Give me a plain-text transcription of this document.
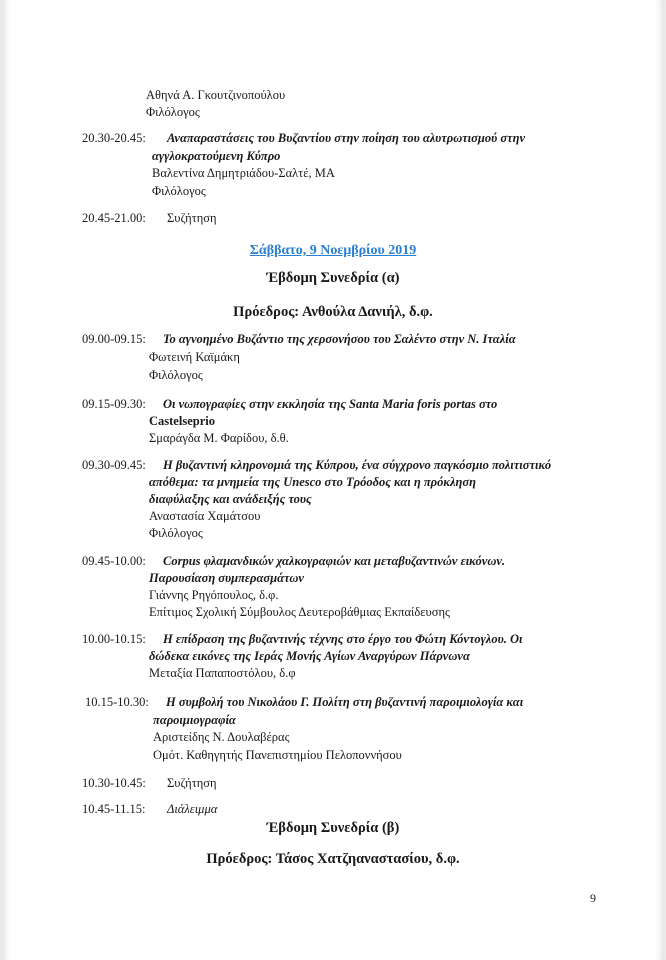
Αθηνά Α. Γκουτζινοπούλου
Φιλόλογος
20.30-20.45: Αναπαραστάσεις του Βυζαντίου στην ποίηση του αλυτρωτισμού στην
αγγλοκρατούμενη Κύπρο
Βαλεντίνα Δημητριάδου-Σαλτέ, ΜΑ
Φιλόλογος
20.45-21.00: Συζήτηση
Σάββατο, 9 Νοεμβρίου 2019
Έβδομη Συνεδρία (α)
Πρόεδρος: Ανθούλα Δανιήλ, δ.φ.
09.00-09.15: Το αγνοημένο Βυζάντιο της χερσονήσου του Σαλέντο στην Ν. Ιταλία
Φωτεινή Καϊμάκη
Φιλόλογος
09.15-09.30: Οι νωπογραφίες στην εκκλησία της Santa Maria foris portas στο
Castelseprio
Σμαράγδα Μ. Φαρίδου, δ.θ.
09.30-09.45: Η βυζαντινή κληρονομιά της Κύπρου, ένα σύγχρονο παγκόσμιο πολιτιστικό
απόθεμα: τα μνημεία της Unesco στο Τρόοδος και η πρόκληση
διαφύλαξης και ανάδειξής τους
Αναστασία Χαμάτσου
Φιλόλογος
09.45-10.00: Corpus φλαμανδικών χαλκογραφιών και μεταβυζαντινών εικόνων.
Παρουσίαση συμπερασμάτων
Γιάννης Ρηγόπουλος, δ.φ.
Επίτιμος Σχολική Σύμβουλος Δευτεροβάθμιας Εκπαίδευσης
10.00-10.15: Η επίδραση της βυζαντινής τέχνης στο έργο του Φώτη Κόντογλου. Οι
δώδεκα εικόνες της Ιεράς Μονής Αγίων Αναργύρων Πάρνωνα
Μεταξία Παπαποστόλου, δ.φ
10.15-10.30: Η συμβολή του Νικολάου Γ. Πολίτη στη βυζαντινή παροιμιολογία και
παροιμιογραφία
Αριστείδης Ν. Δουλαβέρας
Ομότ. Καθηγητής Πανεπιστημίου Πελοποννήσου
10.30-10.45: Συζήτηση
10.45-11.15: Διάλειμμα
Έβδομη Συνεδρία (β)
Πρόεδρος: Τάσος Χατζηαναστασίου, δ.φ.
9
